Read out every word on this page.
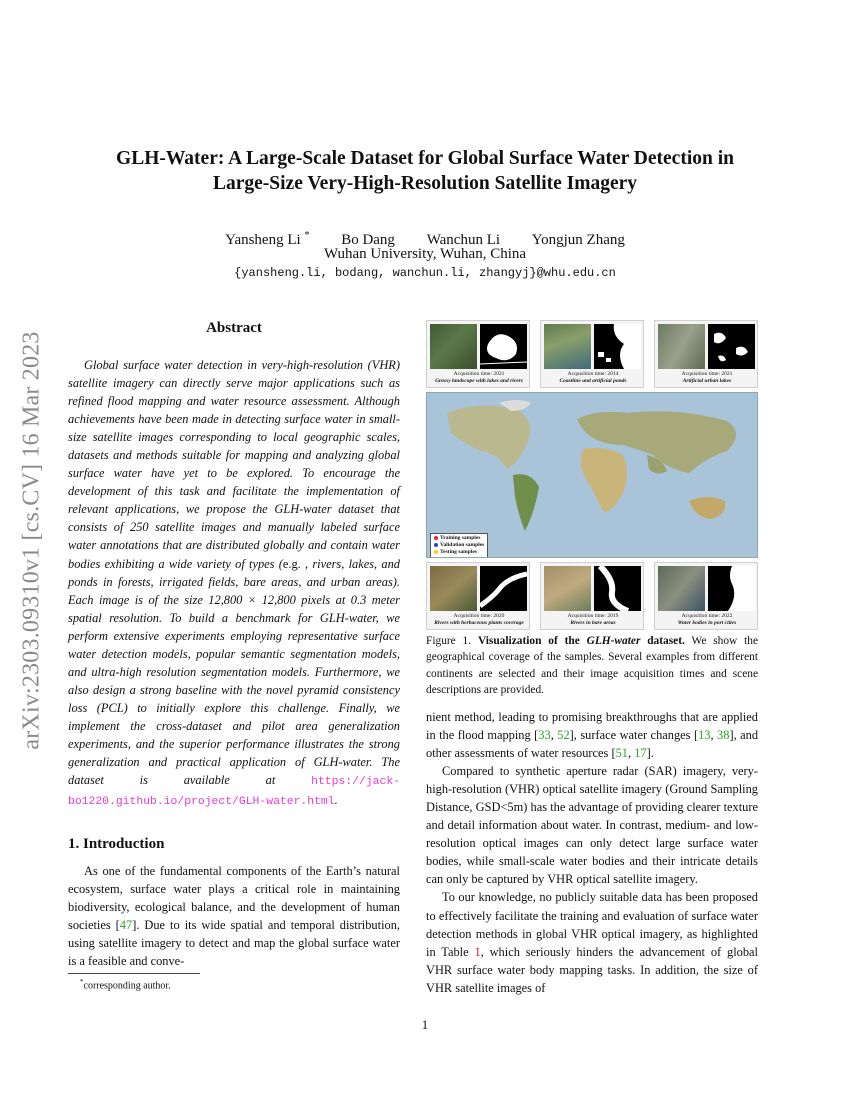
arXiv:2303.09310v1 [cs.CV] 16 Mar 2023
GLH-Water: A Large-Scale Dataset for Global Surface Water Detection in
Large-Size Very-High-Resolution Satellite Imagery
Yansheng Li * Bo Dang Wanchun Li Yongjun Zhang
Wuhan University, Wuhan, China
{yansheng.li, bodang, wanchun.li, zhangyj}@whu.edu.cn
Abstract
Global surface water detection in very-high-resolution (VHR) satellite imagery can directly serve major applications such as refined flood mapping and water resource assessment. Although achievements have been made in detecting surface water in small-size satellite images corresponding to local geographic scales, datasets and methods suitable for mapping and analyzing global surface water have yet to be explored. To encourage the development of this task and facilitate the implementation of relevant applications, we propose the GLH-water dataset that consists of 250 satellite images and manually labeled surface water annotations that are distributed globally and contain water bodies exhibiting a wide variety of types (e.g. , rivers, lakes, and ponds in forests, irrigated fields, bare areas, and urban areas). Each image is of the size 12,800 × 12,800 pixels at 0.3 meter spatial resolution. To build a benchmark for GLH-water, we perform extensive experiments employing representative surface water detection models, popular semantic segmentation models, and ultra-high resolution segmentation models. Furthermore, we also design a strong baseline with the novel pyramid consistency loss (PCL) to initially explore this challenge. Finally, we implement the cross-dataset and pilot area generalization experiments, and the superior performance illustrates the strong generalization and practical application of GLH-water. The dataset is available at https://jack-bo1220.github.io/project/GLH-water.html.
1. Introduction
As one of the fundamental components of the Earth’s natural ecosystem, surface water plays a critical role in maintaining biodiversity, ecological balance, and the development of human societies [47]. Due to its wide spatial and temporal distribution, using satellite imagery to detect and map the global surface water is a feasible and conve-
*corresponding author.
Acquisition time: 2021
Grassy landscape with lakes and rivers
Acquisition time: 2014
Coastline and artificial ponds
Acquisition time: 2021
Artificial urban lakes
Training samples
Validation samples
Testing samples
Acquisition time: 2020
Rivers with herbaceous plants coverage
Acquisition time: 2019
Rivers in bare areas
Acquisition time: 2022
Water bodies in port cities
Figure 1. Visualization of the GLH-water dataset. We show the geographical coverage of the samples. Several examples from different continents are selected and their image acquisition times and scene descriptions are provided.

nient method, leading to promising breakthroughs that are applied in the flood mapping [33, 52], surface water changes [13, 38], and other assessments of water resources [51, 17].

Compared to synthetic aperture radar (SAR) imagery, very-high-resolution (VHR) optical satellite imagery (Ground Sampling Distance, GSD<5m) has the advantage of providing clearer texture and detail information about water. In contrast, medium- and low-resolution optical images can only detect large surface water bodies, while small-scale water bodies and their intricate details can only be captured by VHR optical satellite imagery.

To our knowledge, no publicly suitable data has been proposed to effectively facilitate the training and evaluation of surface water detection methods in global VHR optical imagery, as highlighted in Table 1, which seriously hinders the advancement of global VHR surface water body mapping tasks. In addition, the size of VHR satellite images of

1
